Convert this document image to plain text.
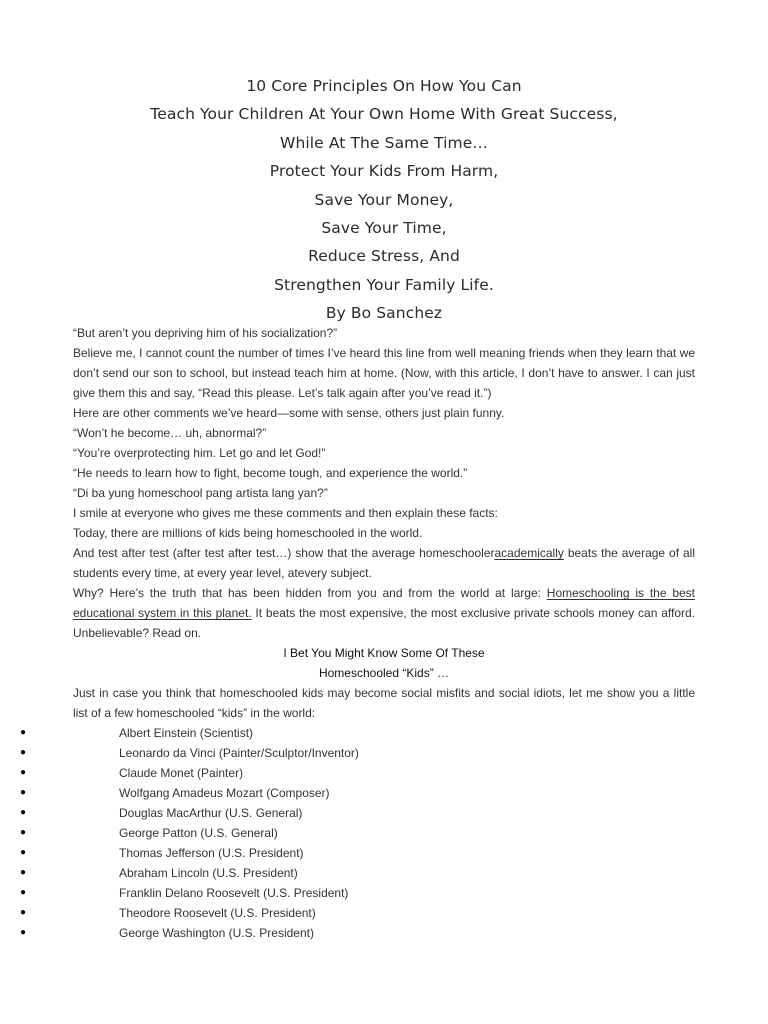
10 Core Principles On How You Can

Teach Your Children At Your Own Home With Great Success,

While At The Same Time…

Protect Your Kids From Harm,

Save Your Money,

Save Your Time,

Reduce Stress, And

Strengthen Your Family Life.

By Bo Sanchez

“But aren’t you depriving him of his socialization?”

Believe me, I cannot count the number of times I’ve heard this line from well meaning friends when they learn that we don’t send our son to school, but instead teach him at home. (Now, with this article, I don’t have to answer. I can just give them this and say, “Read this please. Let’s talk again after you’ve read it.”)

Here are other comments we’ve heard—some with sense, others just plain funny.

“Won’t he become… uh, abnormal?”

“You’re overprotecting him. Let go and let God!”

“He needs to learn how to fight, become tough, and experience the world.”

“Di ba yung homeschool pang artista lang yan?”

I smile at everyone who gives me these comments and then explain these facts:

Today, there are millions of kids being homeschooled in the world.

And test after test (after test after test…) show that the average homeschooleracademically beats the average of all students every time, at every year level, atevery subject.

Why? Here’s the truth that has been hidden from you and from the world at large: Homeschooling is the best educational system in this planet. It beats the most expensive, the most exclusive private schools money can afford. Unbelievable? Read on.

I Bet You Might Know Some Of These

Homeschooled “Kids” …

Just in case you think that homeschooled kids may become social misfits and social idiots, let me show you a little list of a few homeschooled “kids” in the world:

●	Albert Einstein (Scientist)
●	Leonardo da Vinci (Painter/Sculptor/Inventor)
●	Claude Monet (Painter)
●	Wolfgang Amadeus Mozart (Composer)
●	Douglas MacArthur (U.S. General)
●	George Patton (U.S. General)
●	Thomas Jefferson (U.S. President)
●	Abraham Lincoln (U.S. President)
●	Franklin Delano Roosevelt (U.S. President)
●	Theodore Roosevelt (U.S. President)
●	George Washington (U.S. President)
